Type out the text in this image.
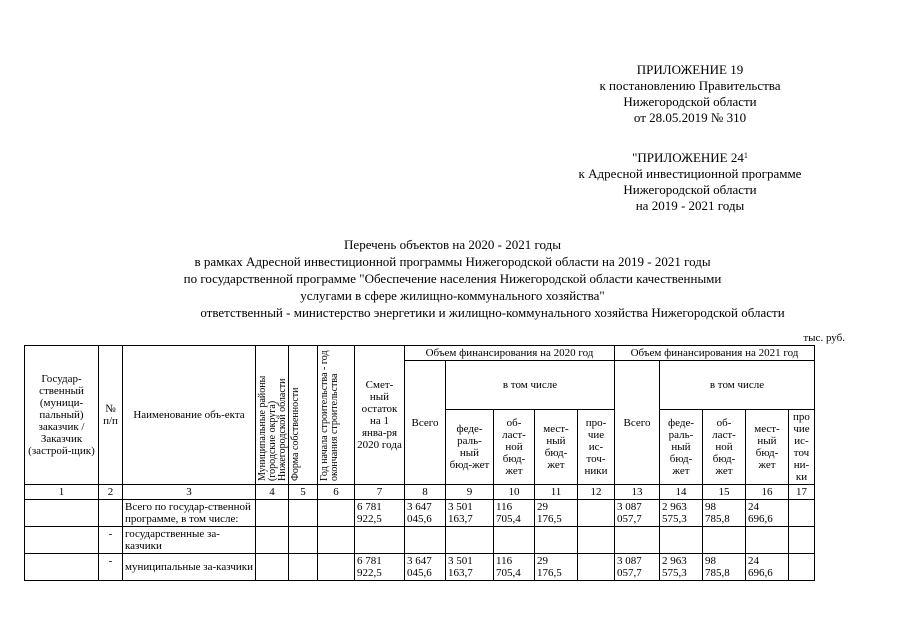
ПРИЛОЖЕНИЕ 19
к постановлению Правительства
Нижегородской области
от 28.05.2019 № 310
"ПРИЛОЖЕНИЕ $24^1$
к Адресной инвестиционной программе
Нижегородской области
на 2019 - 2021 годы
Перечень объектов на 2020 - 2021 годы
в рамках Адресной инвестиционной программы Нижегородской области на 2019 - 2021 годы
по государственной программе "Обеспечение населения Нижегородской области качественными
услугами в сфере жилищно-коммунального хозяйства"
ответственный - министерство энергетики и жилищно-коммунального хозяйства Нижегородской области
тыс. руб.
Государ-ственный (муници-пальный) заказчик /Заказчик (застрой-щик)	№ п/п	Наименование объ-екта	Муниципальные районы (городские округа) Нижегородской области	Форма собственности	Год начала строительства - год окончания строительства	Смет-ный остаток на 1 янва-ря 2020 года	Объем финансирования на 2020 год					Объем финансирования на 2021 год				
							Всего	в том числе				Всего	в том числе			
								феде-раль-ный бюд-жет	об-ласт-ной бюд-жет	мест-ный бюд-жет	про-чие ис-точ-ники		феде-раль-ный бюд-жет	об-ласт-ной бюд-жет	мест-ный бюд-жет	про чие ис-точ ни-ки
1	2	3	4	5	6	7	8	9	10	11	12	13	14	15	16	17
		Всего по государ-ственной программе, в том числе:				6 781 922,5	3 647 045,6	3 501 163,7	116 705,4	29 176,5		3 087 057,7	2 963 575,3	98 785,8	24 696,6	
	-	государственные за-казчики														
	-	муниципальные за-казчики				6 781 922,5	3 647 045,6	3 501 163,7	116 705,4	29 176,5		3 087 057,7	2 963 575,3	98 785,8	24 696,6	
